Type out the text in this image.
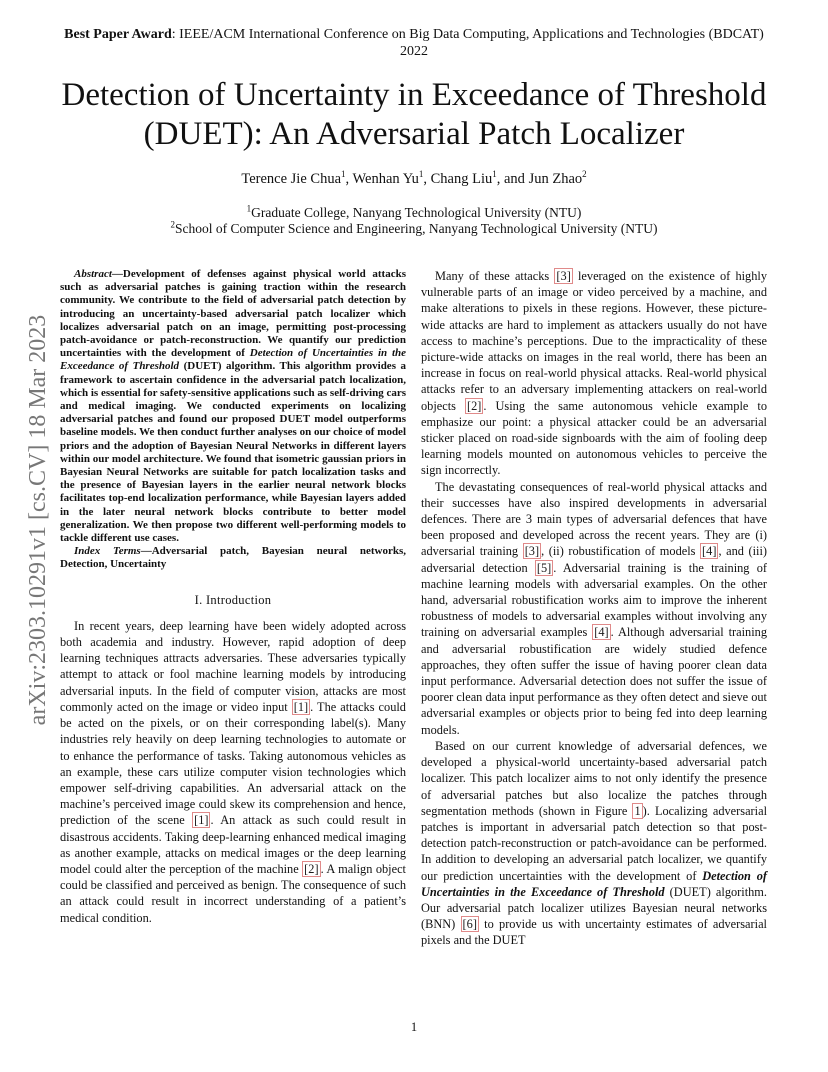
Best Paper Award: IEEE/ACM International Conference on Big Data Computing, Applications and Technologies (BDCAT) 2022
Detection of Uncertainty in Exceedance of Threshold (DUET): An Adversarial Patch Localizer
Terence Jie Chua$^1$, Wenhan Yu$^1$, Chang Liu$^1$, and Jun Zhao$^2$
$^1$Graduate College, Nanyang Technological University (NTU)
$^2$School of Computer Science and Engineering, Nanyang Technological University (NTU)
arXiv:2303.10291v1 [cs.CV] 18 Mar 2023

Abstract—Development of defenses against physical world attacks such as adversarial patches is gaining traction within the research community. We contribute to the field of adversarial patch detection by introducing an uncertainty-based adversarial patch localizer which localizes adversarial patch on an image, permitting post-processing patch-avoidance or patch-reconstruction. We quantify our prediction uncertainties with the development of Detection of Uncertainties in the Exceedance of Threshold (DUET) algorithm. This algorithm provides a framework to ascertain confidence in the adversarial patch localization, which is essential for safety-sensitive applications such as self-driving cars and medical imaging. We conducted experiments on localizing adversarial patches and found our proposed DUET model outperforms baseline models. We then conduct further analyses on our choice of model priors and the adoption of Bayesian Neural Networks in different layers within our model architecture. We found that isometric gaussian priors in Bayesian Neural Networks are suitable for patch localization tasks and the presence of Bayesian layers in the earlier neural network blocks facilitates top-end localization performance, while Bayesian layers added in the later neural network blocks contribute to better model generalization. We then propose two different well-performing models to tackle different use cases.

Index Terms—Adversarial patch, Bayesian neural networks, Detection, Uncertainty

I. Introduction

In recent years, deep learning have been widely adopted across both academia and industry. However, rapid adoption of deep learning techniques attracts adversaries. These adversaries typically attempt to attack or fool machine learning models by introducing adversarial inputs. In the field of computer vision, attacks are most commonly acted on the image or video input [1] . The attacks could be acted on the pixels, or on their corresponding label(s). Many industries rely heavily on deep learning technologies to automate or to enhance the performance of tasks. Taking autonomous vehicles as an example, these cars utilize computer vision technologies which empower self-driving capabilities. An adversarial attack on the machine’s perceived image could skew its comprehension and hence, prediction of the scene [1] . An attack as such could result in disastrous accidents. Taking deep-learning enhanced medical imaging as another example, attacks on medical images or the deep learning model could alter the perception of the machine [2] . A malign object could be classified and perceived as benign. The consequence of such an attack could result in incorrect understanding of a patient’s medical condition.

Many of these attacks [3] leveraged on the existence of highly vulnerable parts of an image or video perceived by a machine, and make alterations to pixels in these regions. However, these picture-wide attacks are hard to implement as attackers usually do not have access to machine’s perceptions. Due to the impracticality of these picture-wide attacks on images in the real world, there has been an increase in focus on real-world physical attacks. Real-world physical attacks refer to an adversary implementing attackers on real-world objects [2] . Using the same autonomous vehicle example to emphasize our point: a physical attacker could be an adversarial sticker placed on road-side signboards with the aim of fooling deep learning models mounted on autonomous vehicles to perceive the sign incorrectly.

The devastating consequences of real-world physical attacks and their successes have also inspired developments in adversarial defences. There are 3 main types of adversarial defences that have been proposed and developed across the recent years. They are (i) adversarial training [3] , (ii) robustification of models [4] , and (iii) adversarial detection [5] . Adversarial training is the training of machine learning models with adversarial examples. On the other hand, adversarial robustification works aim to improve the inherent robustness of models to adversarial examples without involving any training on adversarial examples [4] . Although adversarial training and adversarial robustification are widely studied defence approaches, they often suffer the issue of having poorer clean data input performance. Adversarial detection does not suffer the issue of poorer clean data input performance as they often detect and sieve out adversarial examples or objects prior to being fed into deep learning models.

Based on our current knowledge of adversarial defences, we developed a physical-world uncertainty-based adversarial patch localizer. This patch localizer aims to not only identify the presence of adversarial patches but also localize the patches through segmentation methods (shown in Figure 1 ). Localizing adversarial patches is important in adversarial patch detection so that post-detection patch-reconstruction or patch-avoidance can be performed. In addition to developing an adversarial patch localizer, we quantify our prediction uncertainties with the development of Detection of Uncertainties in the Exceedance of Threshold (DUET) algorithm. Our adversarial patch localizer utilizes Bayesian neural networks (BNN) [6] to provide us with uncertainty estimates of adversarial pixels and the DUET

1
